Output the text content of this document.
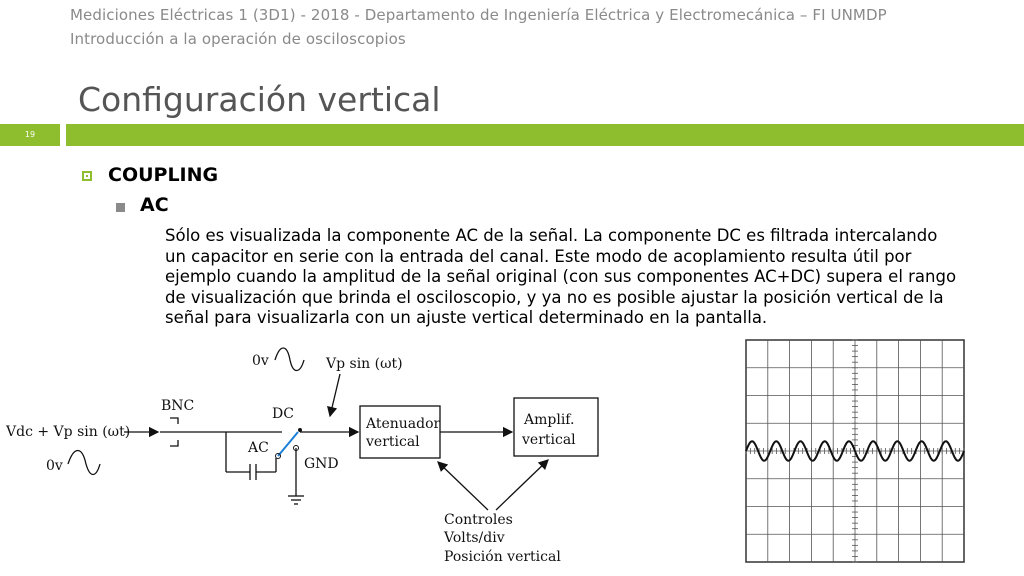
Mediciones Eléctricas 1 (3D1) - 2018 - Departamento de Ingeniería Eléctrica y Electromecánica – FI UNMDP
Introducción a la operación de osciloscopios
Configuración vertical
19
COUPLING
AC
Sólo es visualizada la componente AC de la señal. La componente DC es filtrada intercalando
un capacitor en serie con la entrada del canal. Este modo de acoplamiento resulta útil por
ejemplo cuando la amplitud de la señal original (con sus componentes AC+DC) supera el rango
de visualización que brinda el osciloscopio, y ya no es posible ajustar la posición vertical de la
señal para visualizarla con un ajuste vertical determinado en la pantalla.
0v	Vp sin (ωt)
BNC	DC
Vdc + Vp sin (ωt)
0v
AC
GND
Atenuador
vertical
Amplif.
vertical
Controles
Volts/div
Posición vertical
